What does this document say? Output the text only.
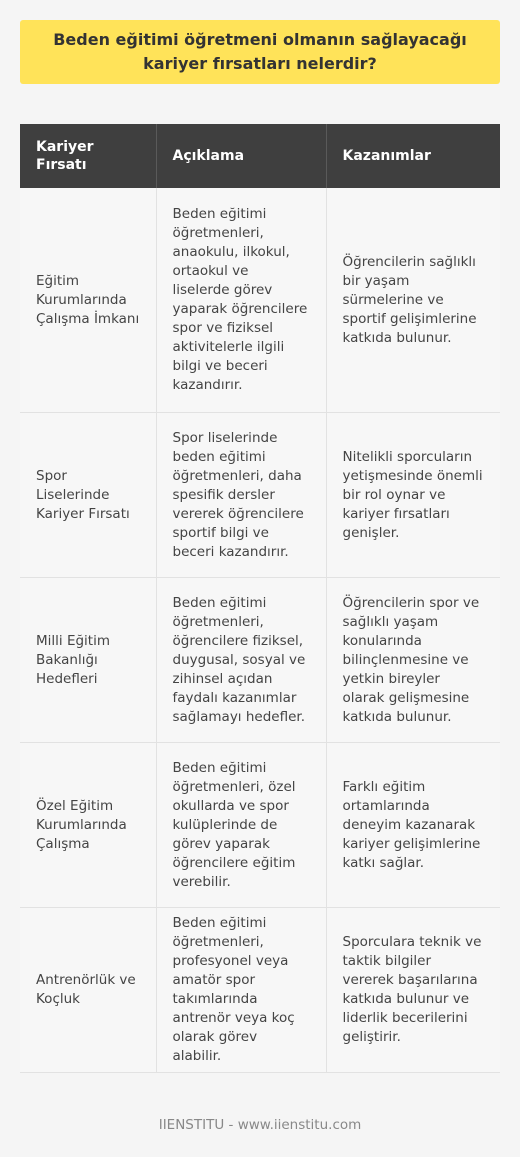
Beden eğitimi öğretmeni olmanın sağlayacağı kariyer fırsatları nelerdir?
Kariyer Fırsatı	Açıklama	Kazanımlar
Eğitim Kurumlarında Çalışma İmkanı	Beden eğitimi öğretmenleri, anaokulu, ilkokul, ortaokul ve liselerde görev yaparak öğrencilere spor ve fiziksel aktivitelerle ilgili bilgi ve beceri kazandırır.	Öğrencilerin sağlıklı bir yaşam sürmelerine ve sportif gelişimlerine katkıda bulunur.
Spor Liselerinde Kariyer Fırsatı	Spor liselerinde beden eğitimi öğretmenleri, daha spesifik dersler vererek öğrencilere sportif bilgi ve beceri kazandırır.	Nitelikli sporcuların yetişmesinde önemli bir rol oynar ve kariyer fırsatları genişler.
Milli Eğitim Bakanlığı Hedefleri	Beden eğitimi öğretmenleri, öğrencilere fiziksel, duygusal, sosyal ve zihinsel açıdan faydalı kazanımlar sağlamayı hedefler.	Öğrencilerin spor ve sağlıklı yaşam konularında bilinçlenmesine ve yetkin bireyler olarak gelişmesine katkıda bulunur.
Özel Eğitim Kurumlarında Çalışma	Beden eğitimi öğretmenleri, özel okullarda ve spor kulüplerinde de görev yaparak öğrencilere eğitim verebilir.	Farklı eğitim ortamlarında deneyim kazanarak kariyer gelişimlerine katkı sağlar.
Antrenörlük ve Koçluk	Beden eğitimi öğretmenleri, profesyonel veya amatör spor takımlarında antrenör veya koç olarak görev alabilir.	Sporculara teknik ve taktik bilgiler vererek başarılarına katkıda bulunur ve liderlik becerilerini geliştirir.
IIENSTITU - www.iienstitu.com
